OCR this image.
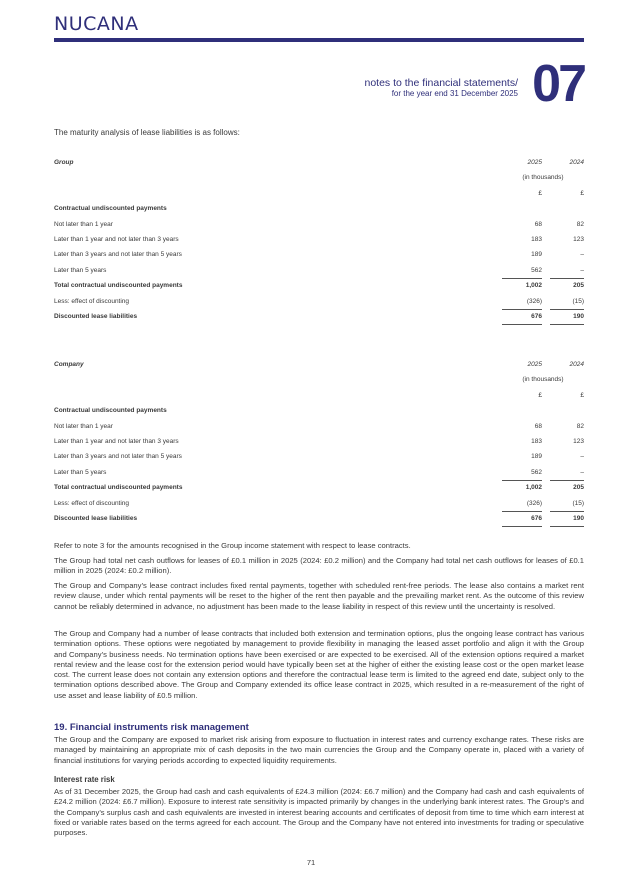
NUCANA
notes to the financial statements/
for the year end 31 December 2025 07
The maturity analysis of lease liabilities is as follows:
Group	2025	2024
(in thousands)
£	£
Contractual undiscounted payments
Not later than 1 year	68	82
Later than 1 year and not later than 3 years	183	123
Later than 3 years and not later than 5 years	189	–
Later than 5 years	562	–
Total contractual undiscounted payments	1,002	205
Less: effect of discounting	(326)	(15)
Discounted lease liabilities	676	190
Company	2025	2024
(in thousands)
£	£
Contractual undiscounted payments
Not later than 1 year	68	82
Later than 1 year and not later than 3 years	183	123
Later than 3 years and not later than 5 years	189	–
Later than 5 years	562	–
Total contractual undiscounted payments	1,002	205
Less: effect of discounting	(326)	(15)
Discounted lease liabilities	676	190
Refer to note 3 for the amounts recognised in the Group income statement with respect to lease contracts.
The Group had total net cash outflows for leases of £0.1 million in 2025 (2024: £0.2 million) and the Company had total net cash outflows for leases of £0.1 million in 2025 (2024: £0.2 million).
The Group and Company’s lease contract includes fixed rental payments, together with scheduled rent-free periods. The lease also contains a market rent review clause, under which rental payments will be reset to the higher of the rent then payable and the prevailing market rent. As the outcome of this review cannot be reliably determined in advance, no adjustment has been made to the lease liability in respect of this review until the uncertainty is resolved.
The Group and Company had a number of lease contracts that included both extension and termination options, plus the ongoing lease contract has various termination options. These options were negotiated by management to provide flexibility in managing the leased asset portfolio and align it with the Group and Company’s business needs. No termination options have been exercised or are expected to be exercised. All of the extension options required a market rental review and the lease cost for the extension period would have typically been set at the higher of either the existing lease cost or the open market lease cost. The current lease does not contain any extension options and therefore the contractual lease term is limited to the agreed end date, subject only to the termination options described above. The Group and Company extended its office lease contract in 2025, which resulted in a re-measurement of the right of use asset and lease liability of £0.5 million.
19. Financial instruments risk management
The Group and the Company are exposed to market risk arising from exposure to fluctuation in interest rates and currency exchange rates. These risks are managed by maintaining an appropriate mix of cash deposits in the two main currencies the Group and the Company operate in, placed with a variety of financial institutions for varying periods according to expected liquidity requirements.
Interest rate risk
As of 31 December 2025, the Group had cash and cash equivalents of £24.3 million (2024: £6.7 million) and the Company had cash and cash equivalents of £24.2 million (2024: £6.7 million). Exposure to interest rate sensitivity is impacted primarily by changes in the underlying bank interest rates. The Group’s and the Company’s surplus cash and cash equivalents are invested in interest bearing accounts and certificates of deposit from time to time which earn interest at fixed or variable rates based on the terms agreed for each account. The Group and the Company have not entered into investments for trading or speculative purposes.
71
